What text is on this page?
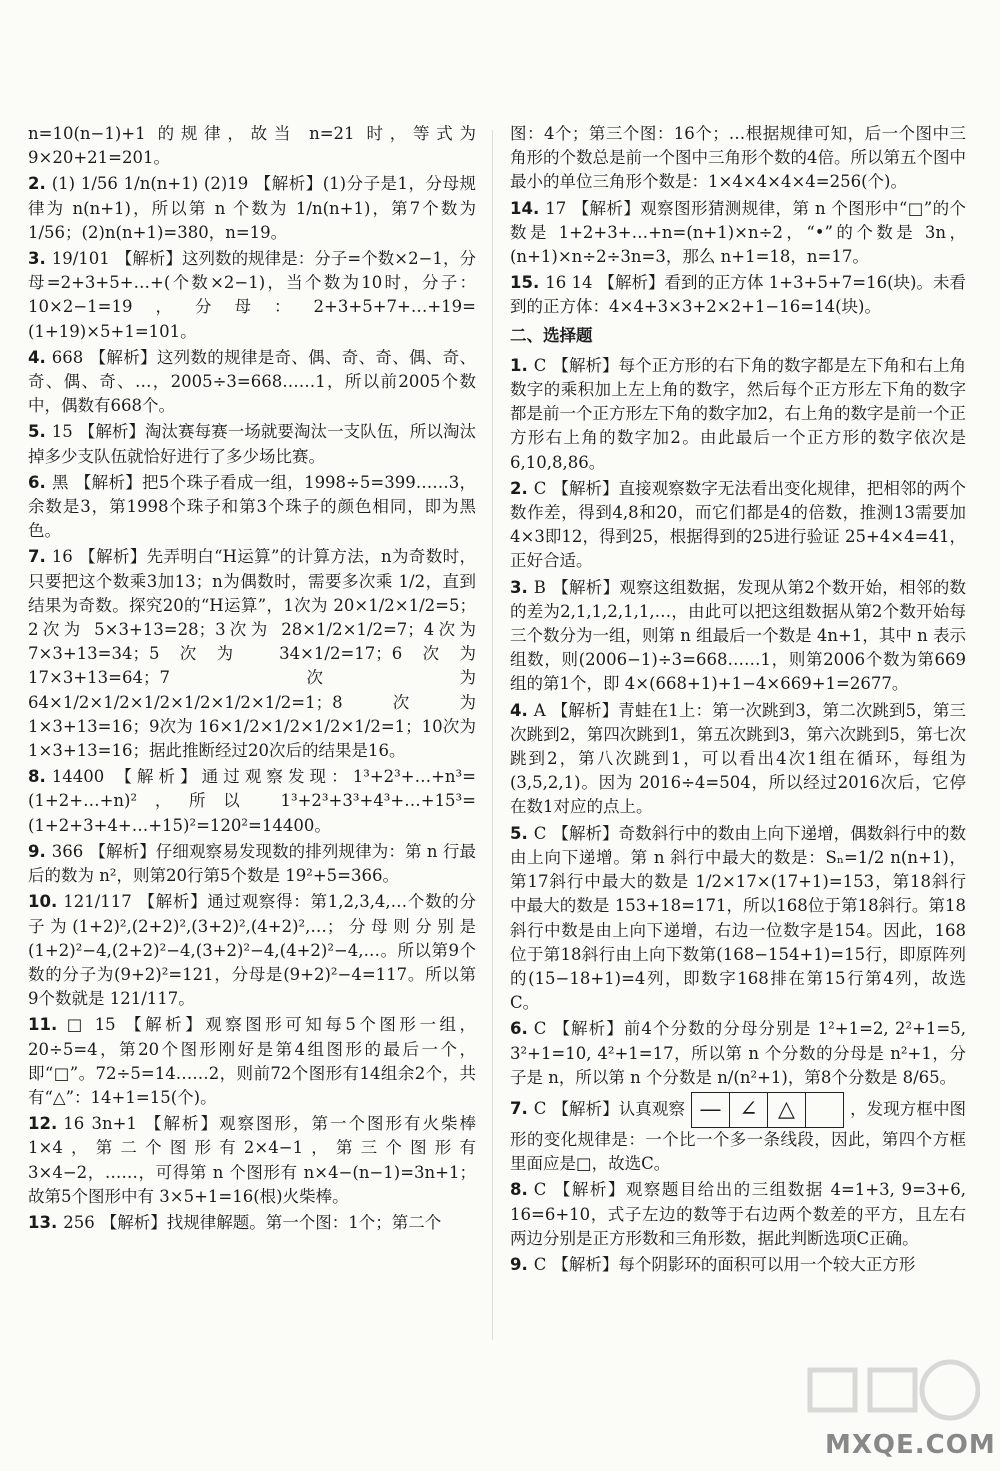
n=10(n−1)+1 的规律，故当 n=21 时，等式为 9×20+21=201。
2. (1) 1/56 1/n(n+1) (2)19 【解析】(1)分子是1，分母规律为 n(n+1)，所以第 n 个数为 1/n(n+1)，第7个数为 1/56；(2)n(n+1)=380，n=19。
3. 19/101 【解析】这列数的规律是：分子=个数×2−1，分母=2+3+5+…+(个数×2−1)，当个数为10时，分子：10×2−1=19，分母：2+3+5+7+…+19=(1+19)×5+1=101。
4. 668 【解析】这列数的规律是奇、偶、奇、奇、偶、奇、奇、偶、奇、…，2005÷3=668……1，所以前2005个数中，偶数有668个。
5. 15 【解析】淘汰赛每赛一场就要淘汰一支队伍，所以淘汰掉多少支队伍就恰好进行了多少场比赛。
6. 黑 【解析】把5个珠子看成一组，1998÷5=399……3，余数是3，第1998个珠子和第3个珠子的颜色相同，即为黑色。
7. 16 【解析】先弄明白“H运算”的计算方法，n为奇数时，只要把这个数乘3加13；n为偶数时，需要多次乘 1/2，直到结果为奇数。探究20的“H运算”，1次为 20×1/2×1/2=5；2次为 5×3+13=28；3次为 28×1/2×1/2=7；4次为 7×3+13=34；5次为 34×1/2=17；6次为 17×3+13=64；7次为 64×1/2×1/2×1/2×1/2×1/2×1/2=1；8次为 1×3+13=16；9次为 16×1/2×1/2×1/2×1/2=1；10次为 1×3+13=16；据此推断经过20次后的结果是16。
8. 14400 【解析】通过观察发现：1³+2³+…+n³=(1+2+…+n)²，所以 1³+2³+3³+4³+…+15³=(1+2+3+4+…+15)²=120²=14400。
9. 366 【解析】仔细观察易发现数的排列规律为：第 n 行最后的数为 n²，则第20行第5个数是 19²+5=366。
10. 121/117 【解析】通过观察得：第1,2,3,4,…个数的分子为(1+2)²,(2+2)²,(3+2)²,(4+2)²,…；分母则分别是(1+2)²−4,(2+2)²−4,(3+2)²−4,(4+2)²−4,…。所以第9个数的分子为(9+2)²=121，分母是(9+2)²−4=117。所以第9个数就是 121/117。
11. □ 15 【解析】观察图形可知每5个图形一组，20÷5=4，第20个图形刚好是第4组图形的最后一个，即“□”。72÷5=14……2，则前72个图形有14组余2个，共有“△”：14+1=15(个)。
12. 16 3n+1 【解析】观察图形，第一个图形有火柴棒1×4，第二个图形有2×4−1，第三个图形有3×4−2，……，可得第 n 个图形有 n×4−(n−1)=3n+1；故第5个图形中有 3×5+1=16(根)火柴棒。
13. 256 【解析】找规律解题。第一个图：1个；第二个
图：4个；第三个图：16个；…根据规律可知，后一个图中三角形的个数总是前一个图中三角形个数的4倍。所以第五个图中最小的单位三角形个数是：1×4×4×4×4=256(个)。
14. 17 【解析】观察图形猜测规律，第 n 个图形中“□”的个数是 1+2+3+…+n=(n+1)×n÷2，“•”的个数是 3n，(n+1)×n÷2÷3n=3，那么 n+1=18，n=17。
15. 16 14 【解析】看到的正方体 1+3+5+7=16(块)。未看到的正方体：4×4+3×3+2×2+1−16=14(块)。
二、选择题
1. C 【解析】每个正方形的右下角的数字都是左下角和右上角数字的乘积加上左上角的数字，然后每个正方形左下角的数字都是前一个正方形左下角的数字加2，右上角的数字是前一个正方形右上角的数字加2。由此最后一个正方形的数字依次是6,10,8,86。
2. C 【解析】直接观察数字无法看出变化规律，把相邻的两个数作差，得到4,8和20，而它们都是4的倍数，推测13需要加4×3即12，得到25，根据得到的25进行验证 25+4×4=41，正好合适。
3. B 【解析】观察这组数据，发现从第2个数开始，相邻的数的差为2,1,1,2,1,1,…，由此可以把这组数据从第2个数开始每三个数分为一组，则第 n 组最后一个数是 4n+1，其中 n 表示组数，则(2006−1)÷3=668……1，则第2006个数为第669组的第1个，即 4×(668+1)+1−4×669+1=2677。
4. A 【解析】青蛙在1上：第一次跳到3，第二次跳到5，第三次跳到2，第四次跳到1，第五次跳到3，第六次跳到5，第七次跳到2，第八次跳到1，可以看出4次1组在循环，每组为(3,5,2,1)。因为 2016÷4=504，所以经过2016次后，它停在数1对应的点上。
5. C 【解析】奇数斜行中的数由上向下递增，偶数斜行中的数由上向下递增。第 n 斜行中最大的数是：Sₙ=1/2 n(n+1)，第17斜行中最大的数是 1/2×17×(17+1)=153，第18斜行中最大的数是 153+18=171，所以168位于第18斜行。第18斜行中数是由上向下递增，右边一位数字是154。因此，168位于第18斜行由上向下数第(168−154+1)=15行，即原阵列的(15−18+1)=4列，即数字168排在第15行第4列，故选C。
6. C 【解析】前4个分数的分母分别是 1²+1=2, 2²+1=5, 3²+1=10, 4²+1=17，所以第 n 个分数的分母是 n²+1，分子是 n，所以第 n 个分数是 n/(n²+1)，第8个分数是 8/65。
7. C 【解析】认真观察 — ∠ △	，发现方框中图形的变化规律是：一个比一个多一条线段，因此，第四个方框里面应是□，故选C。
8. C 【解析】观察题目给出的三组数据 4=1+3, 9=3+6, 16=6+10，式子左边的数等于右边两个数差的平方，且左右两边分别是正方形数和三角形数，据此判断选项C正确。
9. C 【解析】每个阴影环的面积可以用一个较大正方形
MXQE.COM
